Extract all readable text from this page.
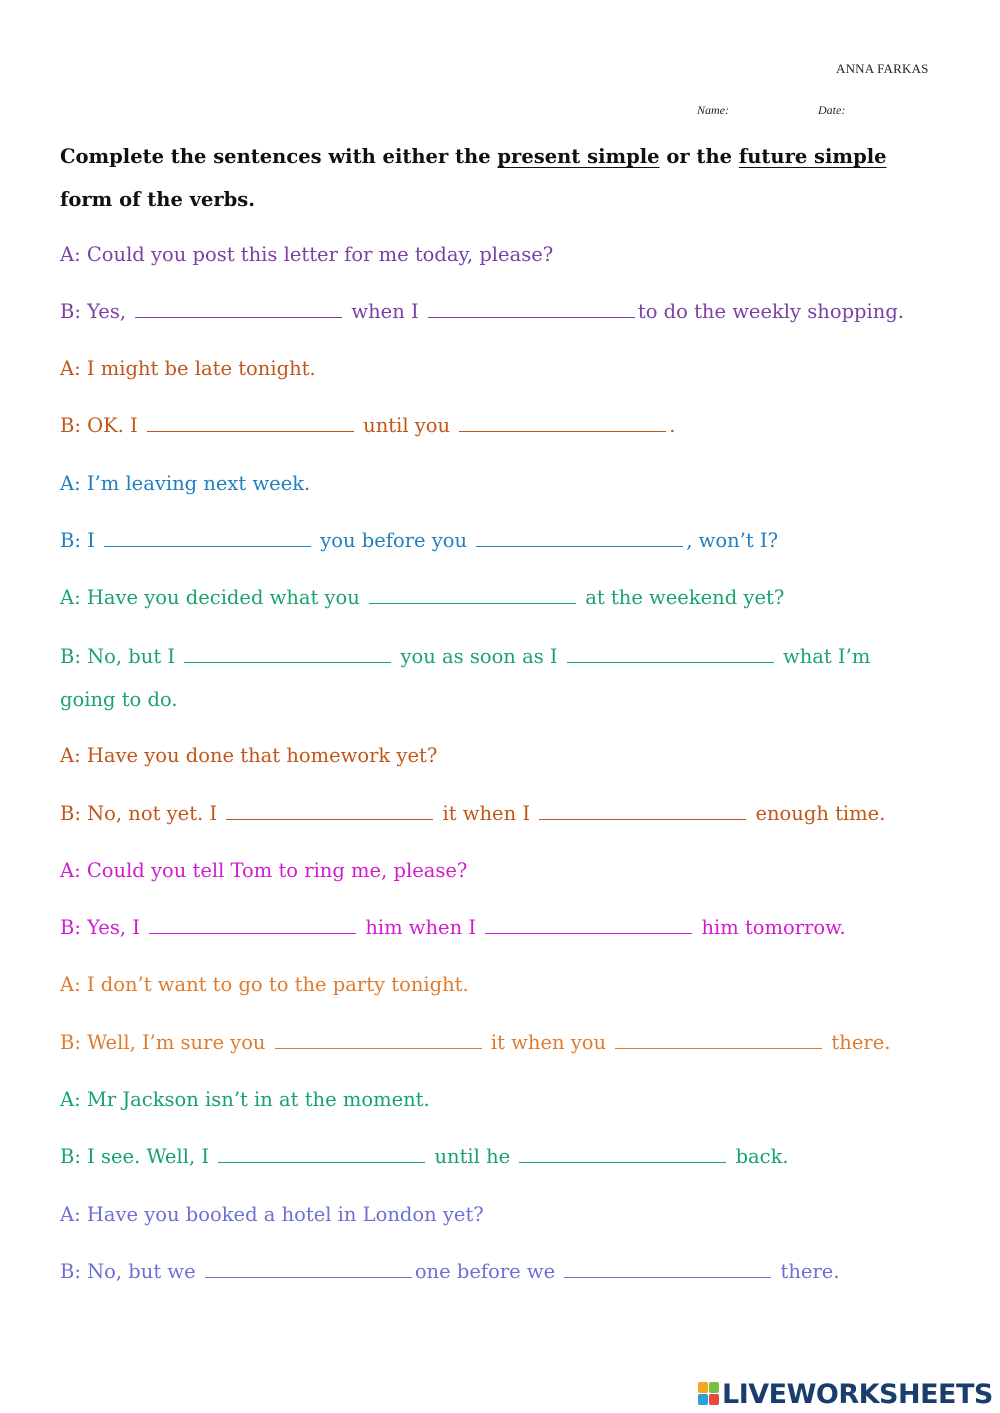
ANNA FARKAS
Name:	Date:
Complete the sentences with either the present simple or the future simple form of the verbs.
A: Could you post this letter for me today, please?
B: Yes,	when I	to do the weekly shopping.
A: I might be late tonight.
B: OK. I	until you	.
A: I’m leaving next week.
B: I	you before you	, won’t I?
A: Have you decided what you	at the weekend yet?
B: No, but I	you as soon as I	what I’m going to do.
A: Have you done that homework yet?
B: No, not yet. I	it when I	enough time.
A: Could you tell Tom to ring me, please?
B: Yes, I	him when I	him tomorrow.
A: I don’t want to go to the party tonight.
B: Well, I’m sure you	it when you	there.
A: Mr Jackson isn’t in at the moment.
B: I see. Well, I	until he	back.
A: Have you booked a hotel in London yet?
B: No, but we	one before we	there.
LIVEWORKSHEETS
